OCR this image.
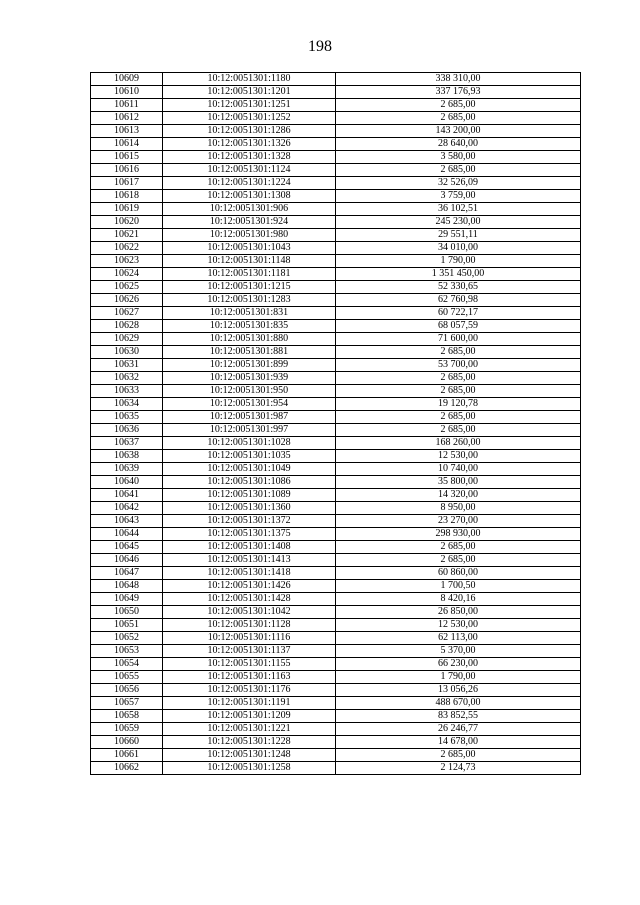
198
10609	10:12:0051301:1180	338 310,00
10610	10:12:0051301:1201	337 176,93
10611	10:12:0051301:1251	2 685,00
10612	10:12:0051301:1252	2 685,00
10613	10:12:0051301:1286	143 200,00
10614	10:12:0051301:1326	28 640,00
10615	10:12:0051301:1328	3 580,00
10616	10:12:0051301:1124	2 685,00
10617	10:12:0051301:1224	32 526,09
10618	10:12:0051301:1308	3 759,00
10619	10:12:0051301:906	36 102,51
10620	10:12:0051301:924	245 230,00
10621	10:12:0051301:980	29 551,11
10622	10:12:0051301:1043	34 010,00
10623	10:12:0051301:1148	1 790,00
10624	10:12:0051301:1181	1 351 450,00
10625	10:12:0051301:1215	52 330,65
10626	10:12:0051301:1283	62 760,98
10627	10:12:0051301:831	60 722,17
10628	10:12:0051301:835	68 057,59
10629	10:12:0051301:880	71 600,00
10630	10:12:0051301:881	2 685,00
10631	10:12:0051301:899	53 700,00
10632	10:12:0051301:939	2 685,00
10633	10:12:0051301:950	2 685,00
10634	10:12:0051301:954	19 120,78
10635	10:12:0051301:987	2 685,00
10636	10:12:0051301:997	2 685,00
10637	10:12:0051301:1028	168 260,00
10638	10:12:0051301:1035	12 530,00
10639	10:12:0051301:1049	10 740,00
10640	10:12:0051301:1086	35 800,00
10641	10:12:0051301:1089	14 320,00
10642	10:12:0051301:1360	8 950,00
10643	10:12:0051301:1372	23 270,00
10644	10:12:0051301:1375	298 930,00
10645	10:12:0051301:1408	2 685,00
10646	10:12:0051301:1413	2 685,00
10647	10:12:0051301:1418	60 860,00
10648	10:12:0051301:1426	1 700,50
10649	10:12:0051301:1428	8 420,16
10650	10:12:0051301:1042	26 850,00
10651	10:12:0051301:1128	12 530,00
10652	10:12:0051301:1116	62 113,00
10653	10:12:0051301:1137	5 370,00
10654	10:12:0051301:1155	66 230,00
10655	10:12:0051301:1163	1 790,00
10656	10:12:0051301:1176	13 056,26
10657	10:12:0051301:1191	488 670,00
10658	10:12:0051301:1209	83 852,55
10659	10:12:0051301:1221	26 246,77
10660	10:12:0051301:1228	14 678,00
10661	10:12:0051301:1248	2 685,00
10662	10:12:0051301:1258	2 124,73
